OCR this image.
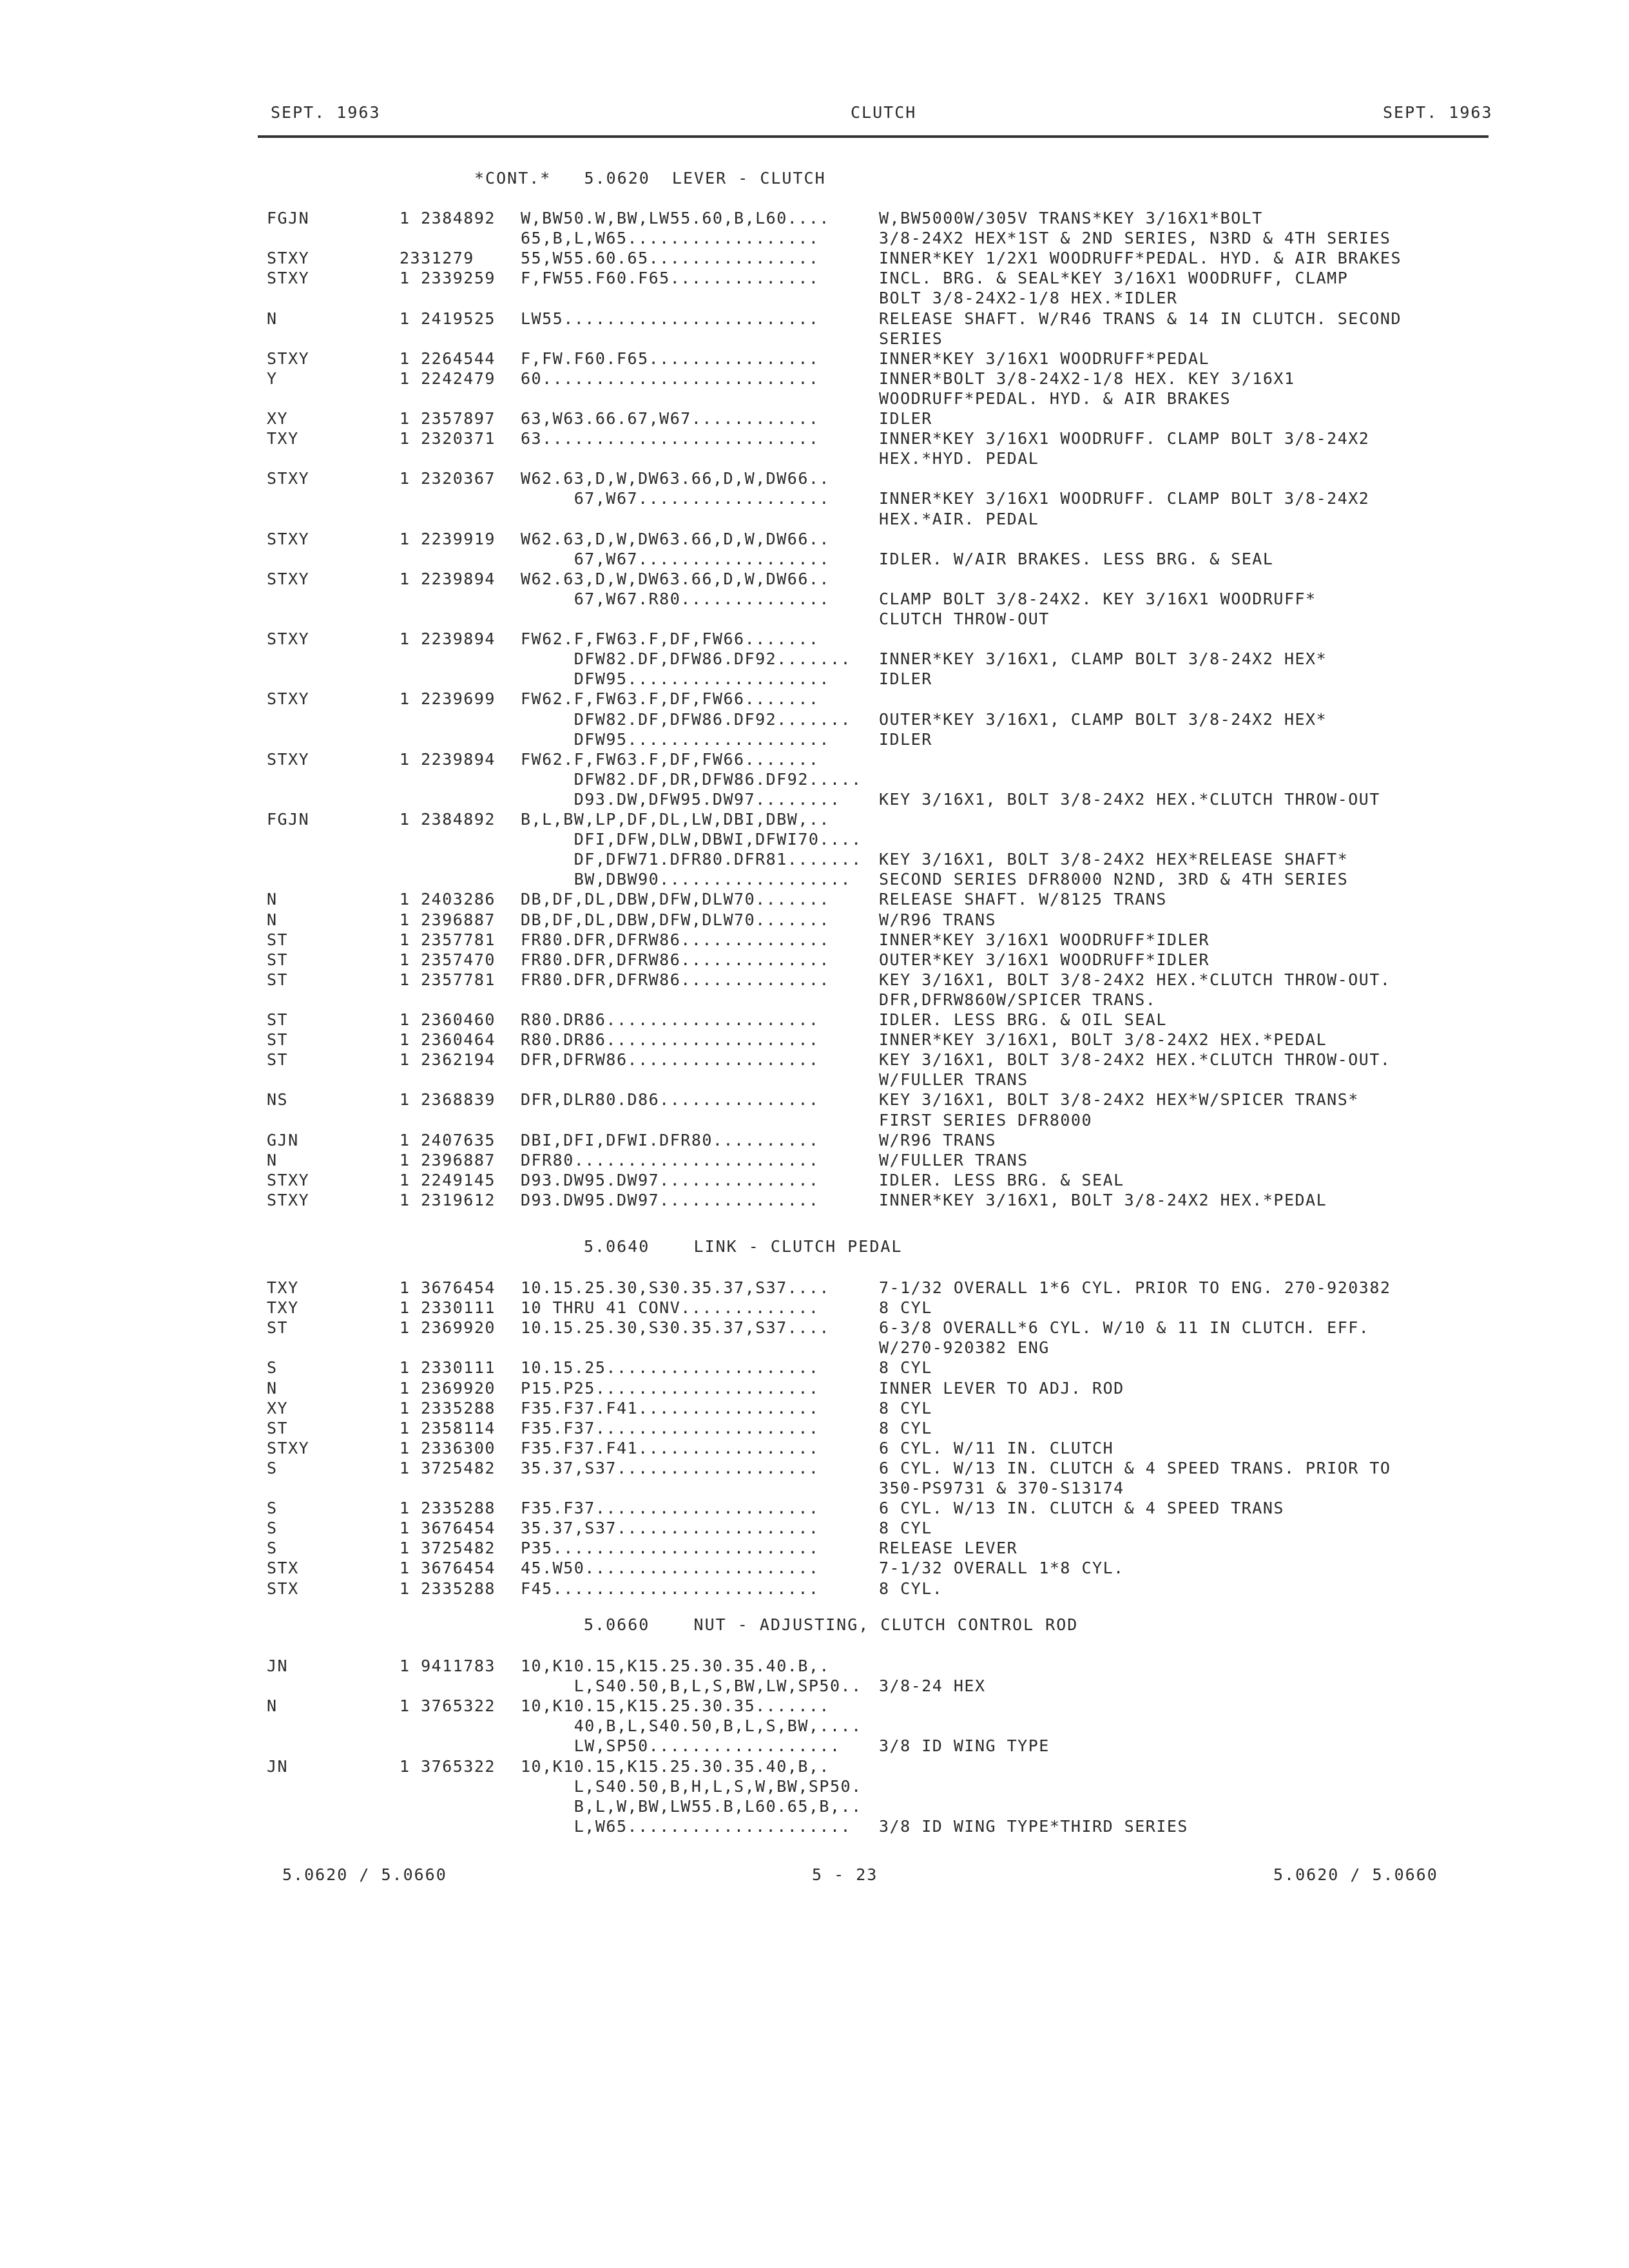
SEPT. 1963	CLUTCH	SEPT. 1963
*CONT.*   5.0620  LEVER - CLUTCH
FGJN	1 2384892 W,BW50.W,BW,LW55.60,B,L60....	W,BW5000W/305V TRANS*KEY 3/16X1*BOLT
65,B,L,W65..................	3/8-24X2 HEX*1ST & 2ND SERIES, N3RD & 4TH SERIES
STXY	2331279	55,W55.60.65................	INNER*KEY 1/2X1 WOODRUFF*PEDAL. HYD. & AIR BRAKES
STXY	1 2339259 F,FW55.F60.F65..............	INCL. BRG. & SEAL*KEY 3/16X1 WOODRUFF, CLAMP
BOLT 3/8-24X2-1/8 HEX.*IDLER
N	1 2419525 LW55........................	RELEASE SHAFT. W/R46 TRANS & 14 IN CLUTCH. SECOND
SERIES
STXY	1 2264544 F,FW.F60.F65................	INNER*KEY 3/16X1 WOODRUFF*PEDAL
Y	1 2242479 60..........................	INNER*BOLT 3/8-24X2-1/8 HEX. KEY 3/16X1
WOODRUFF*PEDAL. HYD. & AIR BRAKES
XY	1 2357897 63,W63.66.67,W67............	IDLER
TXY	1 2320371 63..........................	INNER*KEY 3/16X1 WOODRUFF. CLAMP BOLT 3/8-24X2
HEX.*HYD. PEDAL
STXY	1 2320367 W62.63,D,W,DW63.66,D,W,DW66..
67,W67..................	INNER*KEY 3/16X1 WOODRUFF. CLAMP BOLT 3/8-24X2
HEX.*AIR. PEDAL
STXY	1 2239919 W62.63,D,W,DW63.66,D,W,DW66..
67,W67..................	IDLER. W/AIR BRAKES. LESS BRG. & SEAL
STXY	1 2239894 W62.63,D,W,DW63.66,D,W,DW66..
67,W67.R80..............	CLAMP BOLT 3/8-24X2. KEY 3/16X1 WOODRUFF*
CLUTCH THROW-OUT
STXY	1 2239894 FW62.F,FW63.F,DF,FW66.......
DFW82.DF,DFW86.DF92....... INNER*KEY 3/16X1, CLAMP BOLT 3/8-24X2 HEX*
DFW95...................	IDLER
STXY	1 2239699 FW62.F,FW63.F,DF,FW66.......
DFW82.DF,DFW86.DF92....... OUTER*KEY 3/16X1, CLAMP BOLT 3/8-24X2 HEX*
DFW95...................	IDLER
STXY	1 2239894 FW62.F,FW63.F,DF,FW66.......
DFW82.DF,DR,DFW86.DF92.....
D93.DW,DFW95.DW97........ KEY 3/16X1, BOLT 3/8-24X2 HEX.*CLUTCH THROW-OUT
FGJN	1 2384892 B,L,BW,LP,DF,DL,LW,DBI,DBW,..
DFI,DFW,DLW,DBWI,DFWI70....
DF,DFW71.DFR80.DFR81....... KEY 3/16X1, BOLT 3/8-24X2 HEX*RELEASE SHAFT*
BW,DBW90.................. SECOND SERIES DFR8000 N2ND, 3RD & 4TH SERIES
N	1 2403286 DB,DF,DL,DBW,DFW,DLW70.......	RELEASE SHAFT. W/8125 TRANS
N	1 2396887 DB,DF,DL,DBW,DFW,DLW70.......	W/R96 TRANS
ST	1 2357781 FR80.DFR,DFRW86..............	INNER*KEY 3/16X1 WOODRUFF*IDLER
ST	1 2357470 FR80.DFR,DFRW86..............	OUTER*KEY 3/16X1 WOODRUFF*IDLER
ST	1 2357781 FR80.DFR,DFRW86..............	KEY 3/16X1, BOLT 3/8-24X2 HEX.*CLUTCH THROW-OUT.
DFR,DFRW860W/SPICER TRANS.
ST	1 2360460 R80.DR86....................	IDLER. LESS BRG. & OIL SEAL
ST	1 2360464 R80.DR86....................	INNER*KEY 3/16X1, BOLT 3/8-24X2 HEX.*PEDAL
ST	1 2362194 DFR,DFRW86..................	KEY 3/16X1, BOLT 3/8-24X2 HEX.*CLUTCH THROW-OUT.
W/FULLER TRANS
NS	1 2368839 DFR,DLR80.D86...............	KEY 3/16X1, BOLT 3/8-24X2 HEX*W/SPICER TRANS*
FIRST SERIES DFR8000
GJN	1 2407635 DBI,DFI,DFWI.DFR80..........	W/R96 TRANS
N	1 2396887 DFR80.......................	W/FULLER TRANS
STXY	1 2249145 D93.DW95.DW97...............	IDLER. LESS BRG. & SEAL
STXY	1 2319612 D93.DW95.DW97...............	INNER*KEY 3/16X1, BOLT 3/8-24X2 HEX.*PEDAL
5.0640    LINK - CLUTCH PEDAL
TXY	1 3676454 10.15.25.30,S30.35.37,S37....	7-1/32 OVERALL 1*6 CYL. PRIOR TO ENG. 270-920382
TXY	1 2330111 10 THRU 41 CONV.............	8 CYL
ST	1 2369920 10.15.25.30,S30.35.37,S37....	6-3/8 OVERALL*6 CYL. W/10 & 11 IN CLUTCH. EFF.
W/270-920382 ENG
S	1 2330111 10.15.25....................	8 CYL
N	1 2369920 P15.P25.....................	INNER LEVER TO ADJ. ROD
XY	1 2335288 F35.F37.F41.................	8 CYL
ST	1 2358114 F35.F37.....................	8 CYL
STXY	1 2336300 F35.F37.F41.................	6 CYL. W/11 IN. CLUTCH
S	1 3725482 35.37,S37...................	6 CYL. W/13 IN. CLUTCH & 4 SPEED TRANS. PRIOR TO
350-PS9731 & 370-S13174
S	1 2335288 F35.F37.....................	6 CYL. W/13 IN. CLUTCH & 4 SPEED TRANS
S	1 3676454 35.37,S37...................	8 CYL
S	1 3725482 P35.........................	RELEASE LEVER
STX	1 3676454 45.W50......................	7-1/32 OVERALL 1*8 CYL.
STX	1 2335288 F45.........................	8 CYL.
5.0660    NUT - ADJUSTING, CLUTCH CONTROL ROD
JN	1 9411783 10,K10.15,K15.25.30.35.40.B,.
L,S40.50,B,L,S,BW,LW,SP50.. 3/8-24 HEX
N	1 3765322 10,K10.15,K15.25.30.35.......
40,B,L,S40.50,B,L,S,BW,....
LW,SP50.................. 3/8 ID WING TYPE
JN	1 3765322 10,K10.15,K15.25.30.35.40,B,.
L,S40.50,B,H,L,S,W,BW,SP50.
B,L,W,BW,LW55.B,L60.65,B,..
L,W65..................... 3/8 ID WING TYPE*THIRD SERIES
5.0620 / 5.0660	5 - 23	5.0620 / 5.0660
